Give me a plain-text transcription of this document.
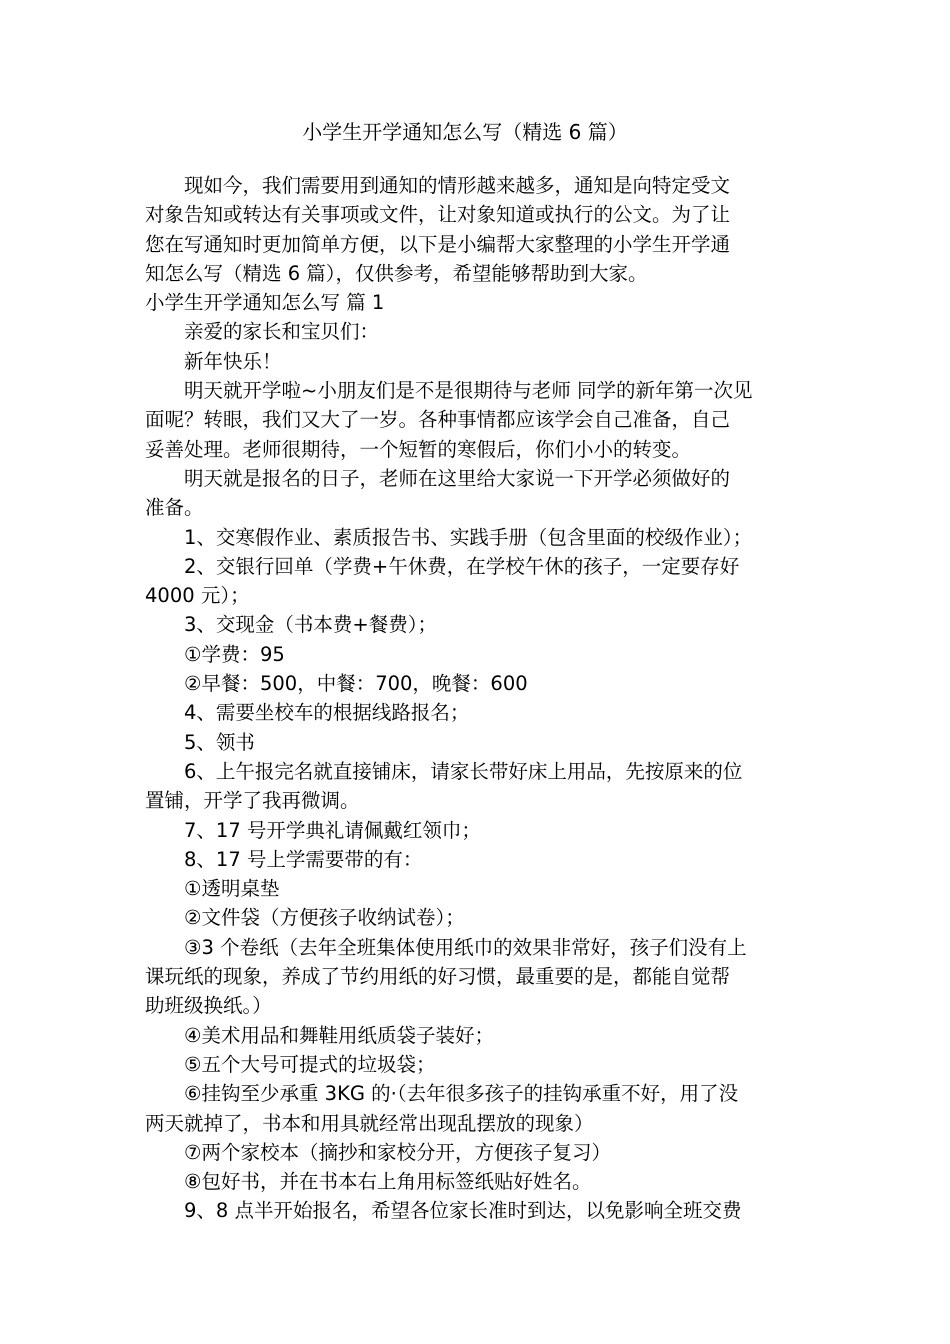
小学生开学通知怎么写（精选 6 篇）

现如今，我们需要用到通知的情形越来越多，通知是向特定受文

对象告知或转达有关事项或文件，让对象知道或执行的公文。为了让

您在写通知时更加简单方便，以下是小编帮大家整理的小学生开学通

知怎么写（精选 6 篇），仅供参考，希望能够帮助到大家。

小学生开学通知怎么写 篇 1

亲爱的家长和宝贝们：

新年快乐！

明天就开学啦~小朋友们是不是很期待与老师 同学的新年第一次见

面呢？转眼，我们又大了一岁。各种事情都应该学会自己准备，自己

妥善处理。老师很期待，一个短暂的寒假后，你们小小的转变。

明天就是报名的日子，老师在这里给大家说一下开学必须做好的

准备。

1、交寒假作业、素质报告书、实践手册（包含里面的校级作业）；

2、交银行回单（学费+午休费，在学校午休的孩子，一定要存好

4000 元）；

3、交现金（书本费+餐费）；

①学费：95

②早餐：500，中餐：700，晚餐：600

4、需要坐校车的根据线路报名；

5、领书

6、上午报完名就直接铺床，请家长带好床上用品，先按原来的位

置铺，开学了我再微调。

7、17 号开学典礼请佩戴红领巾；

8、17 号上学需要带的有：

①透明桌垫

②文件袋（方便孩子收纳试卷）；

③3 个卷纸（去年全班集体使用纸巾的效果非常好，孩子们没有上

课玩纸的现象，养成了节约用纸的好习惯，最重要的是，都能自觉帮

助班级换纸。）

④美术用品和舞鞋用纸质袋子装好；

⑤五个大号可提式的垃圾袋；

⑥挂钩至少承重 3KG 的·（去年很多孩子的挂钩承重不好，用了没

两天就掉了，书本和用具就经常出现乱摆放的现象）

⑦两个家校本（摘抄和家校分开，方便孩子复习）

⑧包好书，并在书本右上角用标签纸贴好姓名。

9、8 点半开始报名，希望各位家长准时到达，以免影响全班交费
